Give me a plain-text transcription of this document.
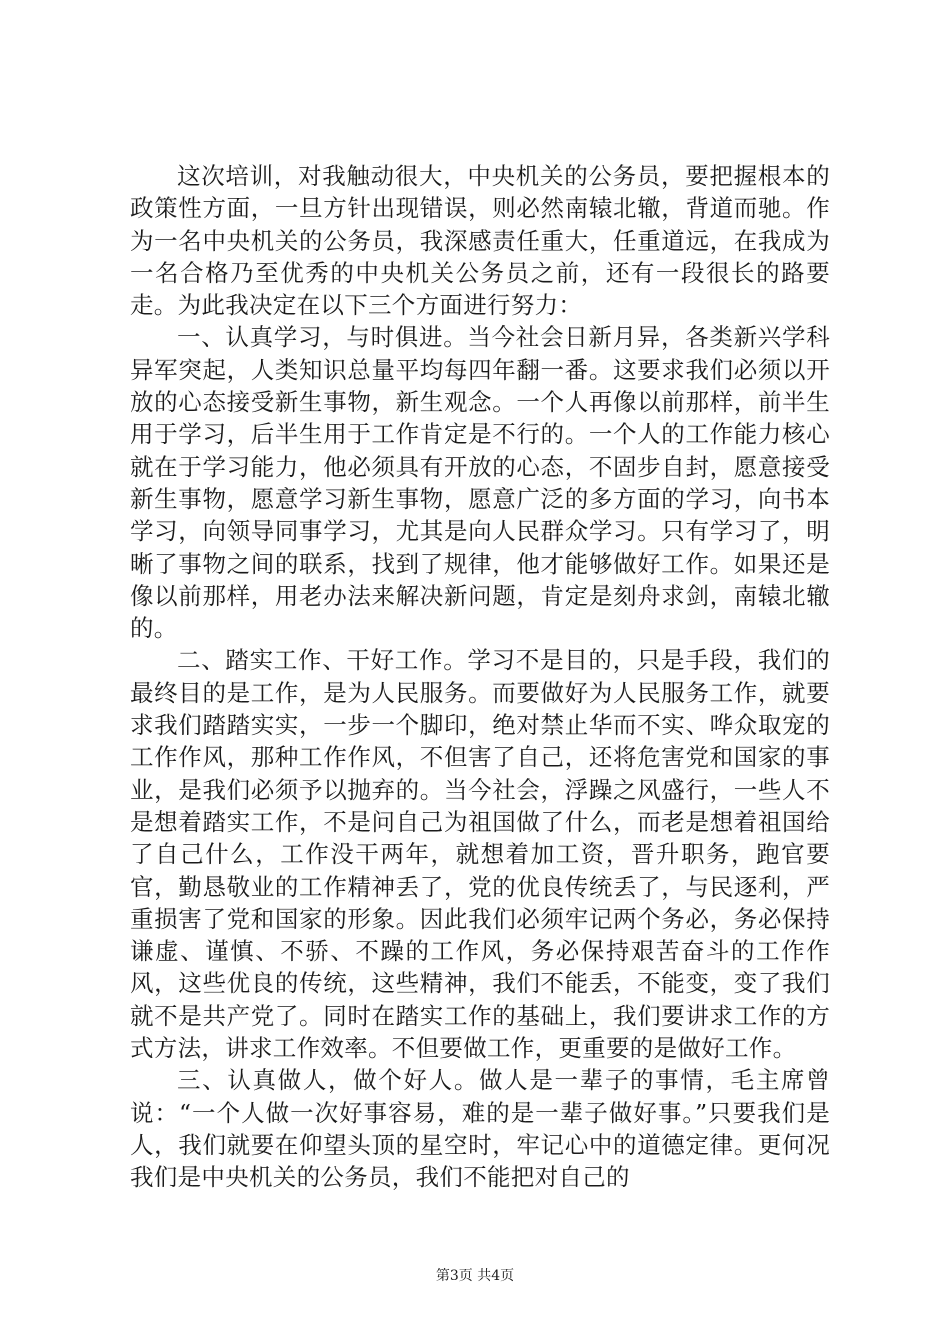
这次培训，对我触动很大，中央机关的公务员，要把握根本的政策性方面，一旦方针出现错误，则必然南辕北辙，背道而驰。作为一名中央机关的公务员，我深感责任重大，任重道远，在我成为一名合格乃至优秀的中央机关公务员之前，还有一段很长的路要走。为此我决定在以下三个方面进行努力：

一、认真学习，与时俱进。当今社会日新月异，各类新兴学科异军突起，人类知识总量平均每四年翻一番。这要求我们必须以开放的心态接受新生事物，新生观念。一个人再像以前那样，前半生用于学习，后半生用于工作肯定是不行的。一个人的工作能力核心就在于学习能力，他必须具有开放的心态，不固步自封，愿意接受新生事物，愿意学习新生事物，愿意广泛的多方面的学习，向书本学习，向领导同事学习，尤其是向人民群众学习。只有学习了，明晰了事物之间的联系，找到了规律，他才能够做好工作。如果还是像以前那样，用老办法来解决新问题，肯定是刻舟求剑，南辕北辙的。

二、踏实工作、干好工作。学习不是目的，只是手段，我们的最终目的是工作，是为人民服务。而要做好为人民服务工作，就要求我们踏踏实实，一步一个脚印，绝对禁止华而不实、哗众取宠的工作作风，那种工作作风，不但害了自己，还将危害党和国家的事业，是我们必须予以抛弃的。当今社会，浮躁之风盛行，一些人不是想着踏实工作，不是问自己为祖国做了什么，而老是想着祖国给了自己什么，工作没干两年，就想着加工资，晋升职务，跑官要官，勤恳敬业的工作精神丢了，党的优良传统丢了，与民逐利，严重损害了党和国家的形象。因此我们必须牢记两个务必，务必保持谦虚、谨慎、不骄、不躁的工作风，务必保持艰苦奋斗的工作作风，这些优良的传统，这些精神，我们不能丢，不能变，变了我们就不是共产党了。同时在踏实工作的基础上，我们要讲求工作的方式方法，讲求工作效率。不但要做工作，更重要的是做好工作。

三、认真做人，做个好人。做人是一辈子的事情，毛主席曾说：“一个人做一次好事容易，难的是一辈子做好事。”只要我们是人，我们就要在仰望头顶的星空时，牢记心中的道德定律。更何况我们是中央机关的公务员，我们不能把对自己的

第3页 共4页
